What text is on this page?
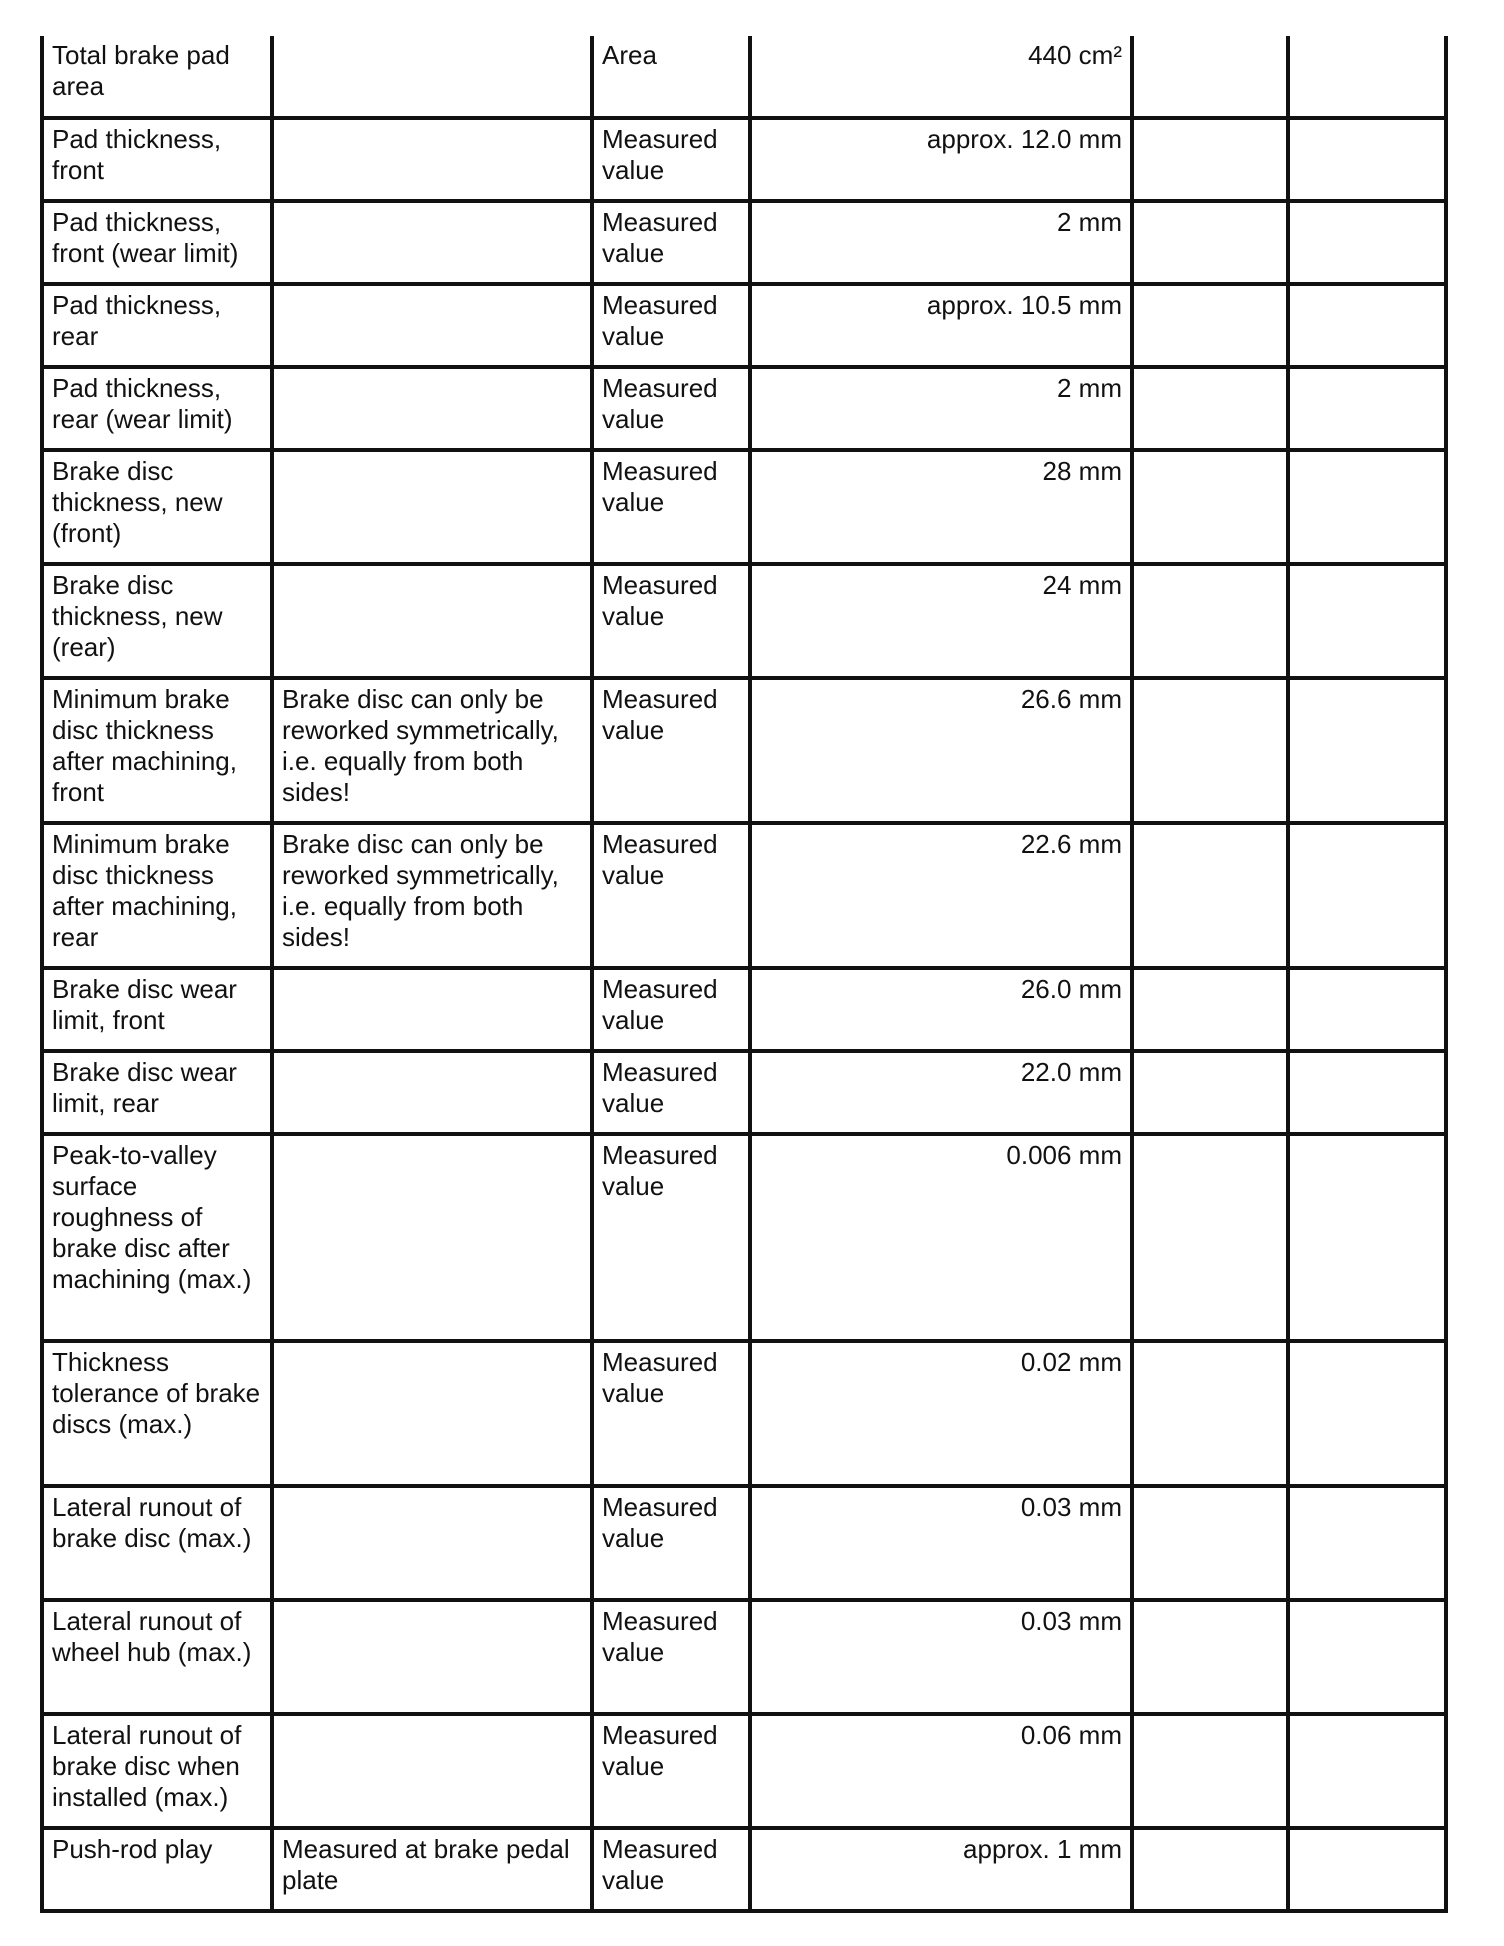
Total brake pad area		Area	440 cm²		
Pad thickness, front		Measured value	approx. 12.0 mm		
Pad thickness, front (wear limit)		Measured value	2 mm		
Pad thickness, rear		Measured value	approx. 10.5 mm		
Pad thickness, rear (wear limit)		Measured value	2 mm		
Brake disc thickness, new (front)		Measured value	28 mm		
Brake disc thickness, new (rear)		Measured value	24 mm		
Minimum brake disc thickness after machining, front	Brake disc can only be reworked symmetrically, i.e. equally from both sides!	Measured value	26.6 mm		
Minimum brake disc thickness after machining, rear	Brake disc can only be reworked symmetrically, i.e. equally from both sides!	Measured value	22.6 mm		
Brake disc wear limit, front		Measured value	26.0 mm		
Brake disc wear limit, rear		Measured value	22.0 mm		
Peak-to-valley surface roughness of brake disc after machining (max.)		Measured value	0.006 mm		
Thickness tolerance of brake discs (max.)		Measured value	0.02 mm		
Lateral runout of brake disc (max.)		Measured value	0.03 mm		
Lateral runout of wheel hub (max.)		Measured value	0.03 mm		
Lateral runout of brake disc when installed (max.)		Measured value	0.06 mm		
Push-rod play	Measured at brake pedal plate	Measured value	approx. 1 mm		
